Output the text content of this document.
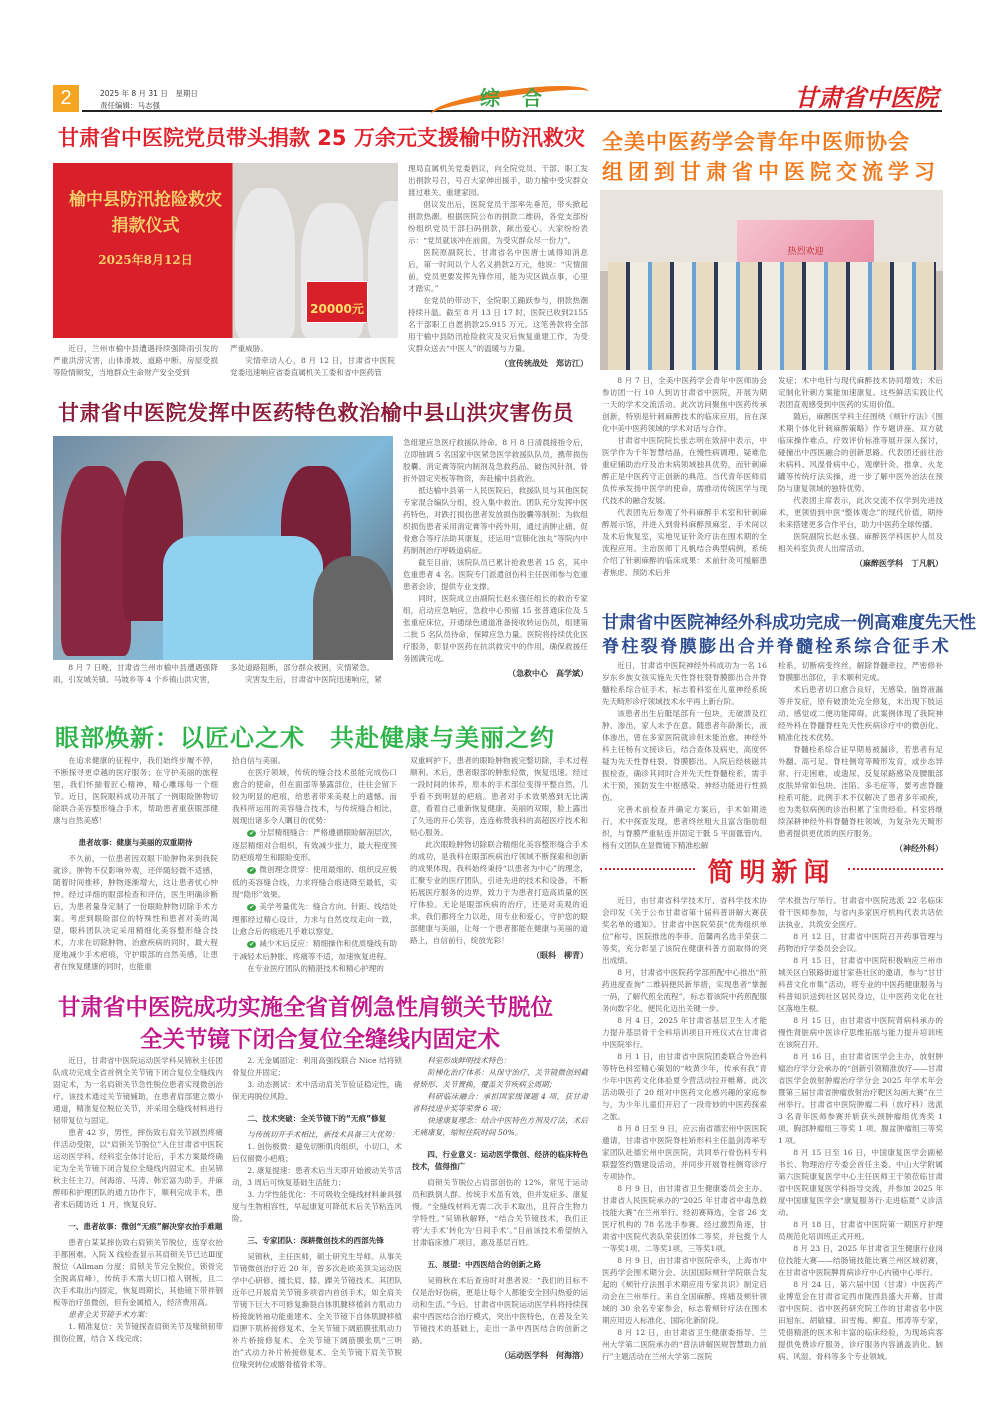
2	2025 年 8 月 31 日　星期日
责任编辑：马志强	综合	甘肃省中医院
甘肃省中医院党员带头捐款 25 万余元支援榆中防汛救灾
榆中县防汛抢险救灾
捐款仪式
2025年8月12日
20000元

近日，兰州市榆中县遭遇持续强降雨引发的严重洪涝灾害，山体滑坡、道路中断、房屋受损等险情频发，当地群众生命财产安全受到

严重威胁。

灾情牵动人心，8 月 12 日，甘肃省中医院党委迅速响应省委直属机关工委和省中医药管

理局直属机关党委倡议，向全院党员、干部、职工发出捐款号召，号召大家伸出援手，助力榆中受灾群众渡过难关、重建家园。

倡议发出后，医院党员干部率先垂范，带头掀起捐款热潮。根据医院公布的捐款二维码，各党支部纷纷组织党员干部扫码捐款，献出爱心。大家纷纷表示：“党员就该冲在前面，为受灾群众尽一份力”。

医院原副院长、甘肃省名中医唐士诚得知消息后，第一时间以个人名义捐款2万元，他说：“灾情面前，党员更要发挥先锋作用，能为灾区做点事，心里才踏实。”

在党员的带动下，全院职工踊跃参与，捐款热潮持续升温。截至 8 月 13 日 17 时，医院已收到2155 名干部职工自愿捐款25.915 万元。这笔善款将全部用于榆中县防汛抢险救灾及灾后恢复重建工作，为受灾群众送去“中医人”的温暖与力量。

（宣传统战处　郑访江）
全美中医药学会青年中医师协会
组团到甘肃省中医院交流学习
热烈欢迎

8 月 7 日，全美中医药学会青年中医师协会参访团一行 10 人到访甘肃省中医院，开展为期一天的学术交流活动。此次访问聚焦中医药传承创新，特别是针刺麻醉技术的临床应用，旨在深化中美中医药领域的学术对话与合作。

甘肃省中医院院长张志明在致辞中表示，中医学作为千年智慧结晶，在慢性病调理、疑难危重症辅助治疗及治未病领域独具优势，而针刺麻醉正是中医药守正创新的典范。当代青年医师肩负传承发扬中医学的使命，需推动传统医学与现代技术的融合发展。

代表团先后参观了外科麻醉手术室和针刺麻醉展示馆，并进入到骨科麻醉预麻室、手术间以及术后恢复室，实地见证针灸疗法在围术期的全流程应用。主治医师丁凡帆结合典型病例，系统介绍了针刺麻醉的临床成果：术前针灸可缓解患者焦虑、预防术后并

发症；术中电针与现代麻醉技术协同增效；术后定制化针刺方案能加速康复。这些鲜活实践让代表团直观感受到中医药的实用价值。

随后，麻醉医学科主任围绕《颊针疗法》《围术期个体化针刺麻醉策略》作专题讲座。双方就临床操作难点、疗效评价标准等展开深入探讨，碰撞出中西医融合的创新思路。代表团还前往治未病科、风湿骨病中心，观摩针灸、推拿、火龙罐等传统疗法实操，进一步了解中医外治法在预防与康复领域的独特优势。

代表团主席表示，此次交流不仅学到先进技术，更领悟到中医“整体观念”的现代价值，期待未来搭建更多合作平台，助力中医药全球传播。

医院副院长赵永强、麻醉医学科医护人员及相关科室负责人出席活动。

（麻醉医学科　丁凡帆）
甘肃省中医院发挥中医药特色救治榆中县山洪灾害伤员

8 月 7 日晚，甘肃省兰州市榆中县遭遇强降雨，引发城关镇、马坡乡等 4 个乡镇山洪灾害，

多处道路阻断，部分群众被困，灾情紧急。

灾害发生后，甘肃省中医院迅速响应，紧

急组建应急医疗救援队待命。8 月 8 日清晨接指令后，立即抽调 5 名国家中医紧急医学救援队队员，携带损伤胶囊、消定膏等院内制剂及急救药品、破伤风针剂、骨折外固定夹板等物资，奔赴榆中县救治。

抵达榆中县第一人民医院后，救援队员与其他医院专家混合编队分组，投入集中救治。团队充分发挥中医药特色，对跌打损伤患者发放损伤胶囊等制剂；为软组织损伤患者采用消定膏等中药外用，通过消肿止痛、促骨愈合等疗法助其康复，还运用“宣肺化浊丸”等院内中药制剂治疗呼吸道病症。

截至目前，该院队员已累计抢救患者 15 名，其中危重患者 4 名。医院专门派遣创伤科主任医师参与危重患者会诊，提供专业支撑。

同时，医院成立由副院长赵永强任组长的救治专家组，启动应急响应，急救中心预留 15 张普通床位及 5 张重症床位，开通绿色通道准备接收转运伤员，组建第二批 5 名队员待命，保障应急力量。医院将持续优化医疗服务，彰显中医药在抗洪救灾中的作用，确保救援任务圆满完成。

（急救中心　高学斌）
眼部焕新：以匠心之术　共赴健康与美丽之约

在追求健康的征程中，我们始终步履不停，不断探寻更卓越的医疗服务；在守护美丽的旅程里，我们怀揣着匠心精神，精心雕琢每一个细节。近日，医院眼科成功开展了一例眼睑肿物切除联合美容整形缝合手术，帮助患者重获眼部健康与自然美感！

患者故事：健康与美丽的双重期待

不久前，一位患者因双眼下睑肿物来到我院就诊。肿物不仅影响外观，还伴随轻微不适感，随着时间推移，肿物逐渐增大，这让患者忧心忡忡。经过详细的眼部检查和评估，医生明确诊断后，为患者量身定制了一份眼睑肿物切除手术方案。考虑到眼睑部位的特殊性和患者对美的渴望，眼科团队决定采用精细化美容整形缝合技术，力求在切除肿物、治愈疾病的同时，最大程度地减少手术疤痕，守护眼部的自然美感，让患者在恢复健康的同时，也能重

拾自信与美丽。

在医疗领域，传统的缝合技术虽能完成伤口愈合的使命，但在面部等暴露部位，往往会留下较为明显的疤痕，给患者带来美观上的遗憾。而我科所运用的美容缝合技术，与传统缝合相比，展现出诸多令人瞩目的优势：

✔ 分层精细缝合：严格遵循眼睑解剖层次，逐层精细对合组织，有效减少张力，最大程度预防疤痕增生和眼睑变形。

✔ 微创理念贯穿：使用最细的、组织反应极低的美容缝合线，力求将缝合痕迹降至最低，实现“隐形”效果。

✔ 美学考量优先：缝合方向、针距、线结处理都经过精心设计，力求与自然皮纹走向一致，让愈合后的痕迹几乎难以察觉。

✔ 减少术后反应：精细操作和优质缝线有助于减轻术后肿胀、疼痛等不适，加速恢复进程。

在专业医疗团队的精湛技术和精心护理的

双重呵护下，患者的眼睑肿物被完整切除，手术过程顺利。术后，患者眼部的肿胀轻微，恢复迅速。经过一段时间的休养，原本的手术部位变得平整自然，几乎看不到明显的疤痕。患者对手术效果感到无比满意，看着自己重新恢复健康、美丽的双眼，脸上露出了久违的开心笑容，连连称赞我科的高超医疗技术和贴心服务。

此次眼睑肿物切除联合精细化美容整形缝合手术的成功，是我科在眼部疾病治疗领域不断探索和创新的成果体现。我科始终秉持“以患者为中心”的理念，汇聚专业的医疗团队，引进先进的技术和设备，不断拓展医疗服务的边界，致力于为患者打造高质量的医疗体验。无论是眼部疾病的治疗，还是对美观的追求，我们都将全力以赴，用专业和爱心，守护您的眼部健康与美丽，让每一个患者都能在健康与美丽的道路上，自信前行，绽放光彩！

（眼科　柳青）
甘肃省中医院成功实施全省首例急性肩锁关节脱位
全关节镜下闭合复位全缝线内固定术

近日，甘肃省中医院运动医学科吴锦秋主任团队成功完成全省首例全关节镜下闭合复位全缝线内固定术，为一名肩锁关节急性脱位患者实现微创治疗。该技术通过关节镜辅助，在患者肩部建立微小通道，精准复位脱位关节，并采用全缝线材料进行韧带复位与固定。

患者 42 岁，男性，摔伤致右肩关节剧烈疼痛伴活动受限，以“肩锁关节脱位”入住甘肃省中医院运动医学科。经科室全体讨论后，手术方案最终确定为全关节镜下闭合复位全缝线内固定术。由吴锦秋主任主刀，何海溶、马涛、韩宏富为助手，并麻醉师和护理团队的通力协作下，顺利完成手术，患者术后随访近 1 月，恢复良好。

一、患者故事：微创“无痕”解决穿衣抬手难题

患者白某某摔伤致右肩锁关节脱位，连穿衣抬手都困难。入院 X 线检查显示其肩锁关节已达Ⅲ度脱位（Allman 分度：肩锁关节完全脱位，锁骨完全脱离肩峰），传统手术需大切口植入钢板，且二次手术取出内固定，恢复周期长，其他镜下带袢钢板等治疗虽微创，但有金属植入，经济费用高。

患者全关节镜手术方案：

1. 精准复位：关节镜探查肩锁关节及喙锁韧带损伤位置，结合 X 线完成；

2. 无金属固定：利用高强线联合 Nice 结将锁骨复位并固定；

3. 动态测试：术中活动肩关节验证稳定性，确保无再脱位风险。

二、技术突破：全关节镜下的“无痕”修复

与传统切开手术相比，新技术具备三大优势：

1. 创伤极微：避免切断肌肉组织，小切口，术后仅留微小疤痕；

2. 康复提速：患者术后当天即开始被动关节活动，3 周后可恢复基础生活能力；

3. 力学性能优化：不可吸收全缝线材料兼具强度与生物相容性，早起康复可降低术后关节粘连风险。

三、专家团队：深耕微创技术的西部先锋

吴锦秋，主任医师，硕士研究生导师。从事关节镜微创治疗近 20 年，曾多次赴欧美顶尖运动医学中心研修。擅长肩、膝、踝关节镜技术。其团队近年已开展肩关节镜多项省内首创手术，如全肩关节镜下巨大不可修复撕裂自体肌腱移植斜方肌动力桥接旋转袖功能重建术、全关节镜下自体肌腱移植肩胛下肌桥接修复术、全关节镜下阔筋膜张肌动力补片桥接修复术、全关节镜下阔筋膜张肌“三明治”式动力补片桥接修复术、全关节镜下肩关节脱位喙突转位或髂骨植骨术等。

科室形成鲜明技术特色：

阶梯化治疗体系：从保守治疗、关节镜微创到截骨矫形、关节置换，覆盖关节疾病全周期；

科研临床融合：承担国家级课题 4 项，获甘肃省科技进步奖等荣誉 6 项；

快速康复理念：结合中医特色方剂及疗法，术后无痛康复，缩短住院时间 50%。

四、行业意义：运动医学微创、经济的临床特色技术，值得推广

肩锁关节脱位占肩部创伤的 12%，常见于运动员和跌倒人群。传统手术虽有效，但并发症多、康复慢。“全缝线材料无需二次手术取出，且符合生物力学特性。”吴锦秋解释，“结合关节镜技术，我们正将‘大手术’转化为‘日间手术’。”目前该技术希望纳入甘肃临床推广项目，惠及基层百姓。

五、展望：中西医结合的创新之路

吴锦秋在术后查房时对患者说：“我们的目标不仅是治好伤病，更是让每个人都能安全回归热爱的运动和生活。”今后，甘肃省中医院运动医学科将持续探索中西医结合治疗模式，突出中医特色，在普及全关节镜技术的基础上，走出一条中西医结合的创新之路。

（运动医学科　何海溶）
甘肃省中医院神经外科成功完成一例高难度先天性
脊柱裂脊膜膨出合并脊髓栓系综合征手术

近日，甘肃省中医院神经外科成功为一名 16 岁东乡族女孩实施先天性脊柱裂脊膜膨出合并脊髓栓系综合征手术，标志着科室在儿童神经系统先天畸形诊疗领域技术水平再上新台阶。

该患者出生后骶尾部有一包块，无破溃及红肿、渗出，家人未予在意。随患者年龄渐长，液体渗出，曾在多家医院就诊但未能治愈。神经外科主任杨有文接诊后，结合查体及病史，高度怀疑为先天性脊柱裂、脊膜膨出。入院后经核磁共振检查，确诊其同时合并先天性脊髓栓系，需手术干预，预防发生中枢感染、神经功能进行性损伤。

完善术前检查并确定方案后，手术如期进行。术中探查发现，患者终丝粗大且富含脂肪组织，与脊膜严重粘连并固定于骶 5 平面骶管内。杨有文团队在显微镜下精准松解

栓系，切断病变终丝，解除脊髓牵拉，严密修补脊膜膨出部位，手术顺利完成。

术后患者切口愈合良好，无感染、脑脊液漏等并发症，原有破溃处完全修复，未出现下肢运动、感觉或二便功能障碍。此案例体现了我院神经外科在脊髓脊柱先天性疾病诊疗中的微创化、精准化技术优势。

脊髓栓系综合征早期易被漏诊，若患者有足外翻、高弓足、脊柱侧弯等畸形发育，或步态异常、行走困难，或遗尿、反复尿路感染及腰骶部皮肤异常如包块、洼陷、多毛症等，要考虑脊髓栓系可能。此例手术不仅解决了患者多年顽疾，也为类似病例的诊治积累了宝贵经验。科室将继续深耕神经外科脊髓脊柱领域，为复杂先天畸形患者提供更优质的医疗服务。

（神经外科）
简明新闻

近日，由甘肃省科学技术厅、省科学技术协会印发《关于公布甘肃省第十届科普讲解大赛获奖名单的通知》。甘肃省中医院荣获“优秀组织单位”称号，医院推选的李菲、范馨两名选手荣获二等奖，充分彰显了该院在健康科普方面取得的突出成绩。

8 月，甘肃省中医院药学部煎配中心推出“煎药进度查询”二维码便民新举措，实现患者“掌握一码，了解代煎全流程”，标志着该院中药煎配服务向数字化、便民化迈出关键一步。

8 月 4 日，2025 年甘肃省基层卫生人才能力提升基层骨干全科培训项目开班仪式在甘肃省中医院举行。

8 月 1 日，由甘肃省中医院团委联合外治科等特色科室精心策划的“岐黄少年，传承有我”青少年中医药文化体验夏令营活动拉开帷幕。此次活动吸引了 20 组对中医药文化感兴趣的家庭参与，为少年儿童们开启了一段奇妙的中医药探索之旅。

8 月 8 日至 9 日，应云南省德宏州中医医院邀请，甘肃省中医院脊柱矫形科主任温剑涛率专家团队赴德宏州中医医院，共同举行骨伤科专科联盟签约暨建设活动，并同步开展脊柱侧弯诊疗专项协作。

8 月 9 日，由甘肃省卫生健康委员会主办、甘肃省人民医院承办的“2025 年甘肃省中毒急救技能大赛”在兰州举行。经初赛筛选，全省 26 支医疗机构的 78 名选手参赛。经过激烈角逐，甘肃省中医院代表队荣获团体二等奖，并包揽个人一等奖1项、二等奖1项、三等奖1项。

8 月 9 日，由甘肃省中医院牵头，上海市中医药学会围术期分会、法国国际颊针学院联合发起的《颊针疗法围手术期应用专家共识》制定启动会在兰州举行。来自全国麻醉、疼痛及颊针领域的 30 余名专家参会，标志着颊针疗法在围术期应用迈入标准化、国际化新阶段。

8 月 12 日，由甘肃省卫生健康委指导、兰州大学第二医院承办的“普法讲解医规智慧助力前行”主题活动在兰州大学第二医院

学术报告厅举行。甘肃省中医院选派 22 名临床骨干医师参加，与省内多家医疗机构代表共话依法执业、共筑安全医疗。

8 月 12 日，甘肃省中医院召开药事管理与药物治疗学委员会会议。

8 月 15 日，甘肃省中医院积极响应兰州市城关区白银路街道甘家巷社区的邀请，参与“甘甘科普文化市集”活动，将专业的中医药健康服务与科普知识送到社区居民身边，让中医药文化在社区落地生根。

8 月 15 日，由甘肃省中医院肾病科承办的慢性肾脏病中医诊疗思维拓展与能力提升培训班在该院召开。

8 月 16 日，由甘肃省医学会主办，放射肿瘤治疗学分会承办的“创新引领精准放疗——甘肃省医学会放射肿瘤治疗学分会 2025 年学术年会暨第三届甘肃省肿瘤放射治疗靶区勾画大赛”在兰州举行。甘肃省中医院肿瘤二科（放疗科）选派 3 名青年医师参赛并斩获头颈肿瘤组优秀奖 1 项、胸部肿瘤组三等奖 1 项、腹盆肿瘤组三等奖 1 项。

8 月 15 日至 16 日，中国康复医学会副秘书长、物理治疗专委会首任主委、中山大学附属第六医院康复医学中心主任医师王于领莅临甘肃省中医院康复医学科指导交流，并参加 2025 年度中国康复医学会“康复服务行·走进临夏”义诊活动。

8 月 18 日，甘肃省中医院第一期医疗护理员规范化培训班正式开班。

8 月 23 日，2025 年甘肃省卫生健康行业岗位技能大赛——结肠镜技能比赛兰州区域初赛，在甘肃省中医院脾胃病诊疗中心内镜中心举行。

8 月 24 日，第六届中国（甘肃）中医药产业博览会在甘肃省定西市陇西县盛大开幕。甘肃省中医院、省中医药研究院工作的甘肃省名中医田旭东、胡敏棣、田雪梅、柳直、邢涛等专家，凭借精湛的医术和丰富的临床经验，为现场宾客提供免费诊疗服务，诊疗服务内容涵盖消化、脑病、风湿、骨科等多个专业领域。
